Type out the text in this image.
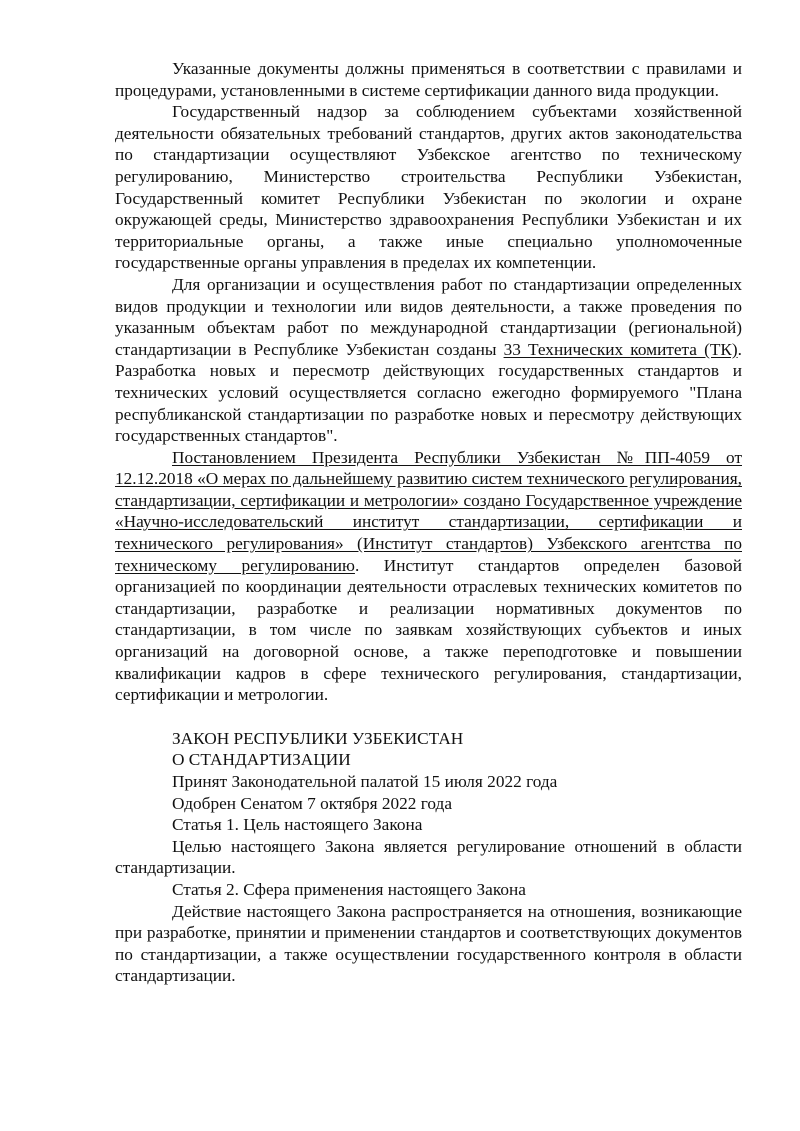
Указанные документы должны применяться в соответствии с правилами и процедурами, установленными в системе сертификации данного вида продукции.

Государственный надзор за соблюдением субъектами хозяйственной деятельности обязательных требований стандартов, других актов законодательства по стандартизации осуществляют Узбекское агентство по техническому регулированию, Министерство строительства Республики Узбекистан, Государственный комитет Республики Узбекистан по экологии и охране окружающей среды, Министерство здравоохранения Республики Узбекистан и их территориальные органы, а также иные специально уполномоченные государственные органы управления в пределах их компетенции.

Для организации и осуществления работ по стандартизации определенных видов продукции и технологии или видов деятельности, а также проведения по указанным объектам работ по международной стандартизации (региональной) стандартизации в Республике Узбекистан созданы 33 Технических комитета (ТК). Разработка новых и пересмотр действующих государственных стандартов и технических условий осуществляется согласно ежегодно формируемого "Плана республиканской стандартизации по разработке новых и пересмотру действующих государственных стандартов".

Постановлением Президента Республики Узбекистан №ПП-4059 от 12.12.2018 «О мерах по дальнейшему развитию систем технического регулирования, стандартизации, сертификации и метрологии» создано Государственное учреждение «Научно-исследовательский институт стандартизации, сертификации и технического регулирования» (Институт стандартов) Узбекского агентства по техническому регулированию. Институт стандартов определен базовой организацией по координации деятельности отраслевых технических комитетов по стандартизации, разработке и реализации нормативных документов по стандартизации, в том числе по заявкам хозяйствующих субъектов и иных организаций на договорной основе, а также переподготовке и повышении квалификации кадров в сфере технического регулирования, стандартизации, сертификации и метрологии.

ЗАКОН РЕСПУБЛИКИ УЗБЕКИСТАН

О СТАНДАРТИЗАЦИИ

Принят Законодательной палатой 15 июля 2022 года

Одобрен Сенатом 7 октября 2022 года

Статья 1. Цель настоящего Закона

Целью настоящего Закона является регулирование отношений в области стандартизации.

Статья 2. Сфера применения настоящего Закона

Действие настоящего Закона распространяется на отношения, возникающие при разработке, принятии и применении стандартов и соответствующих документов по стандартизации, а также осуществлении государственного контроля в области стандартизации.
